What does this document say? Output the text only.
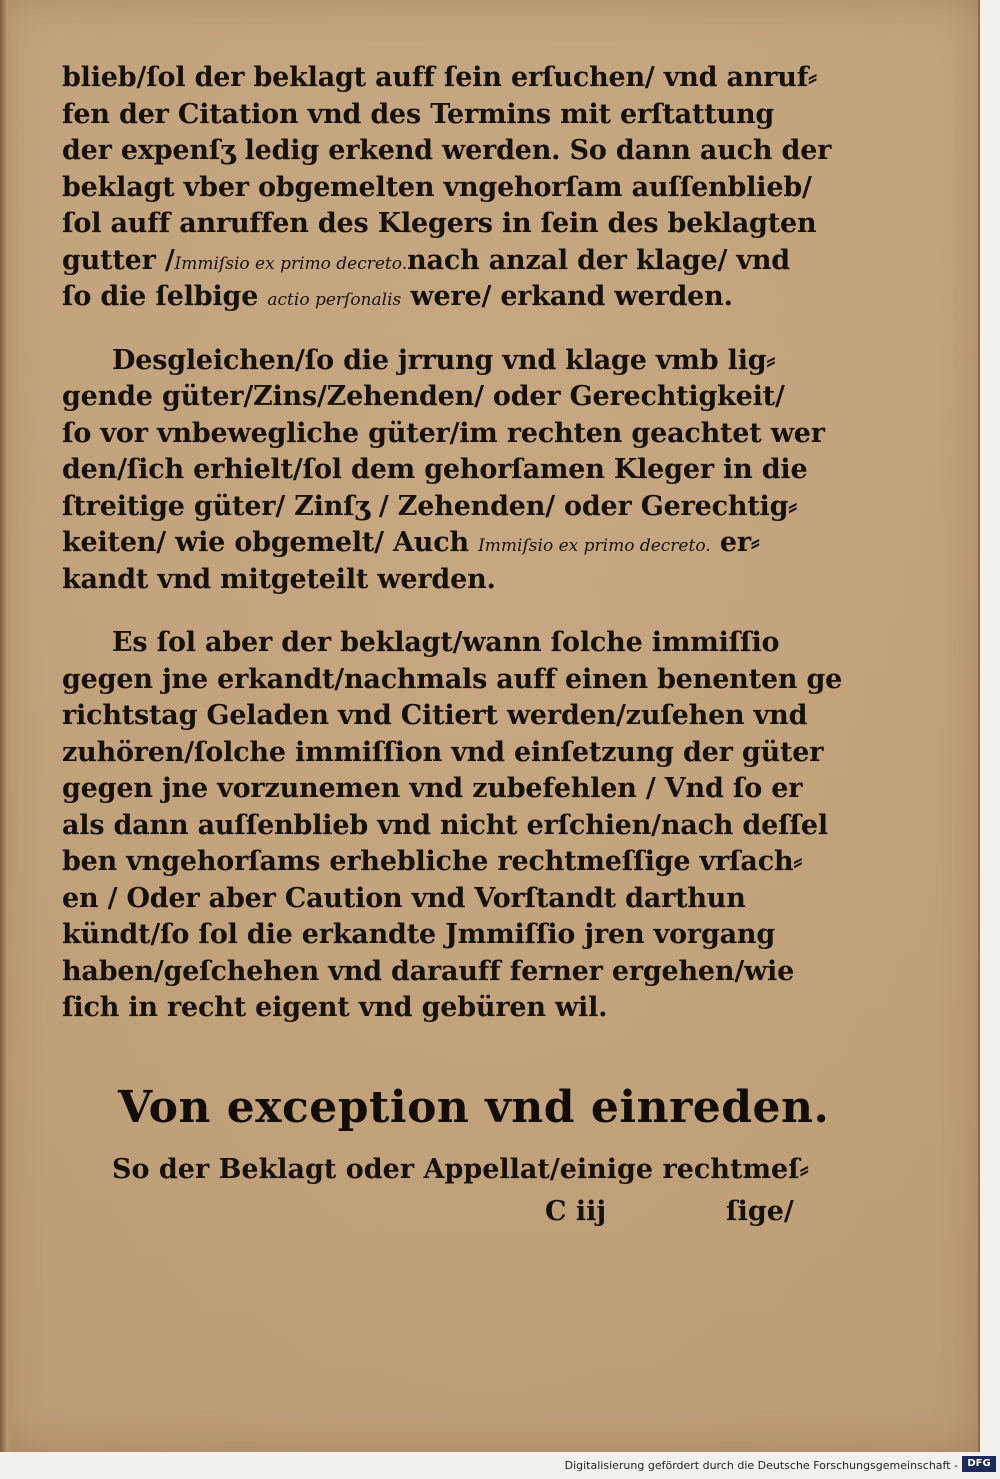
blieb/ſol der beklagt auff ſein erſuchen/ vnd anruf⸗
fen der Citation vnd des Termins mit erſtattung
der expenſʒ ledig erkend werden. So dann auch der
beklagt vber obgemelten vngehorſam auſſenblieb/
ſol auff anruffen des Klegers in ſein des beklagten
gutter /Immiſsio ex primo decreto.nach anzal der klage/ vnd
ſo die ſelbige actio perſonalis were/ erkand werden.
Desgleichen/ſo die jrrung vnd klage vmb lig⸗
gende güter/Zins/Zehenden/ oder Gerechtigkeit/
ſo vor vnbewegliche güter/im rechten geachtet wer
den/ſich erhielt/ſol dem gehorſamen Kleger in die
ſtreitige güter/ Zinſʒ / Zehenden/ oder Gerechtig⸗
keiten/ wie obgemelt/ Auch Immiſsio ex primo decreto. er⸗
kandt vnd mitgeteilt werden.
Es ſol aber der beklagt/wann ſolche immiſſio
gegen jne erkandt/nachmals auff einen benenten ge
richtstag Geladen vnd Citiert werden/zuſehen vnd
zuhören/ſolche immiſſion vnd einſetzung der güter
gegen jne vorzunemen vnd zubefehlen / Vnd ſo er
als dann auſſenblieb vnd nicht erſchien/nach deſſel
ben vngehorſams erhebliche rechtmeſſige vrſach⸗
en / Oder aber Caution vnd Vorſtandt darthun
kündt/ſo ſol die erkandte Jmmiſſio jren vorgang
haben/geſchehen vnd darauff ferner ergehen/wie
ſich in recht eigent vnd gebüren wil.
Von exception vnd einreden.
So der Beklagt oder Appellat/einige rechtmeſ⸗
C iij	ſige/
Digitalisierung gefördert durch die Deutsche Forschungsgemeinschaft - DFG
